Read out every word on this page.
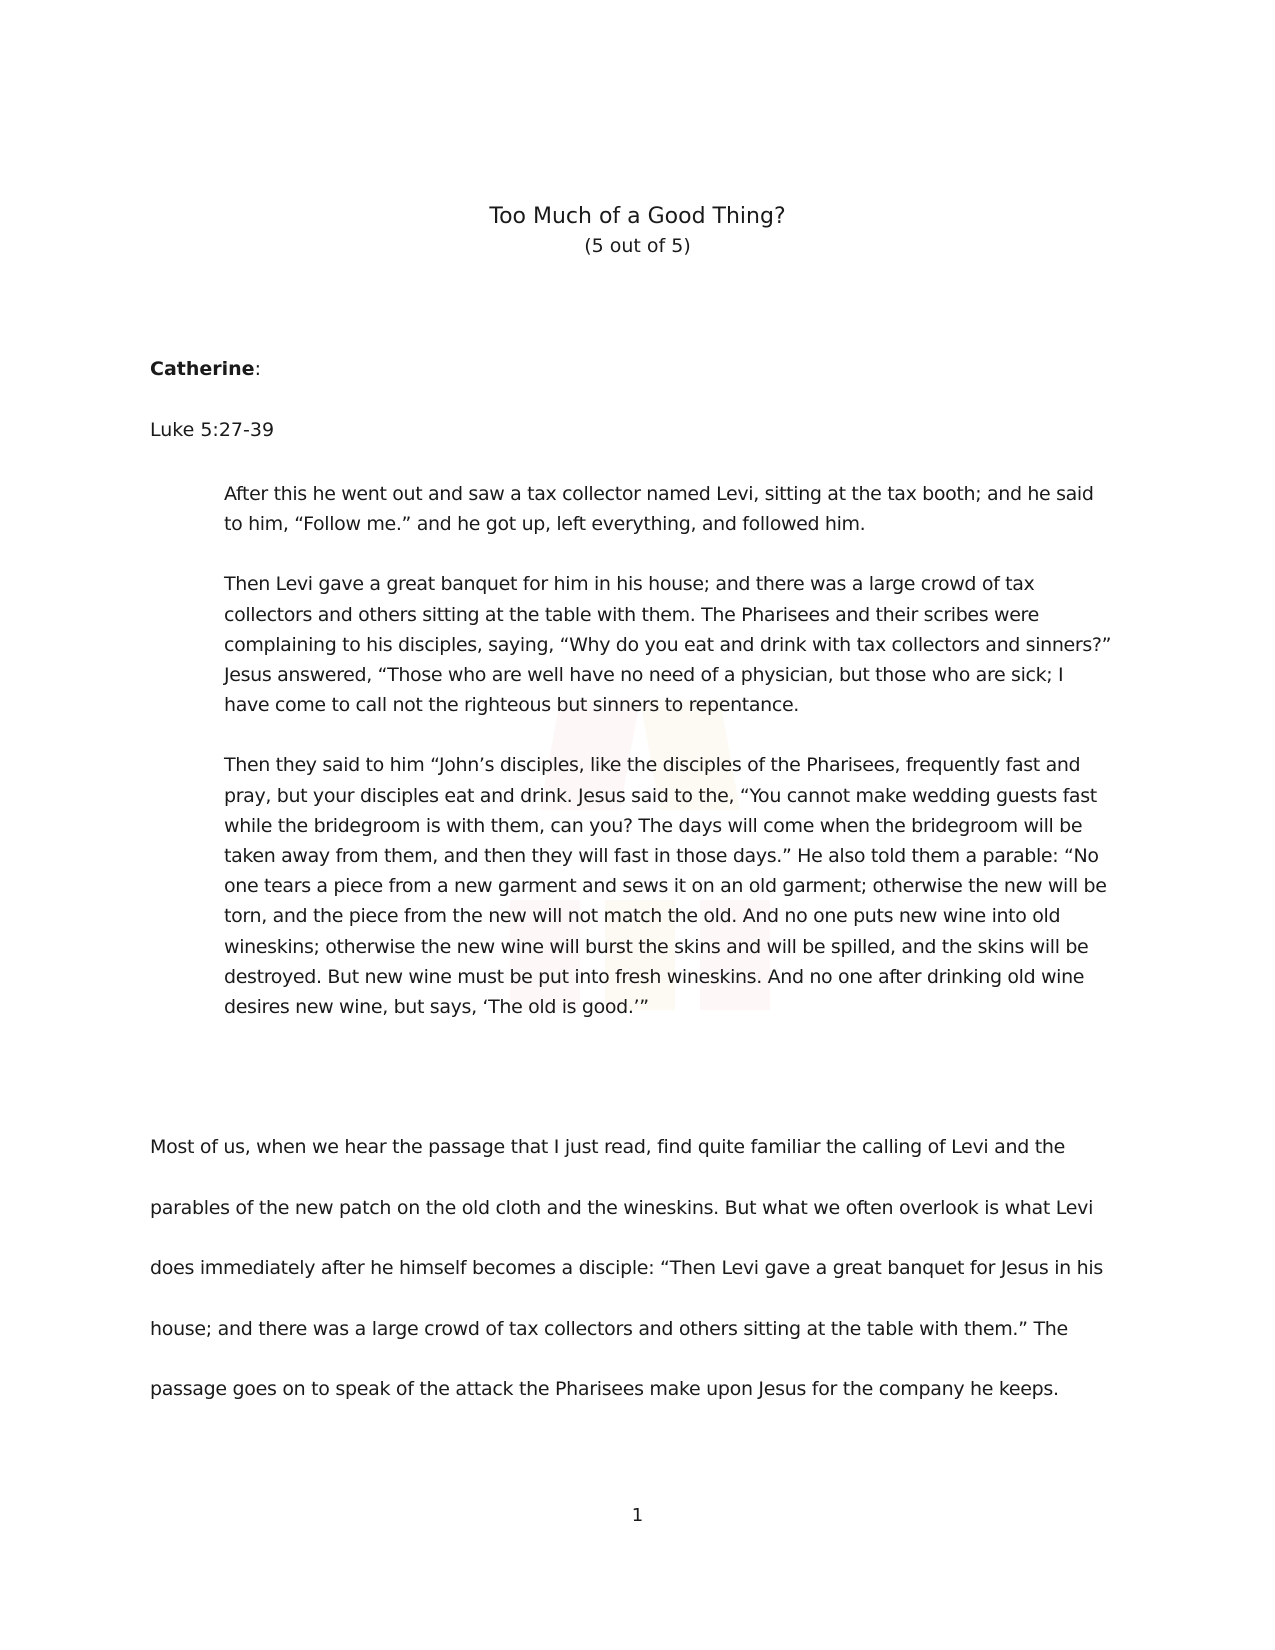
Too Much of a Good Thing?
(5 out of 5)
Catherine:
Luke 5:27-39

After this he went out and saw a tax collector named Levi, sitting at the tax booth; and he said to him, “Follow me.” and he got up, left everything, and followed him.

Then Levi gave a great banquet for him in his house; and there was a large crowd of tax collectors and others sitting at the table with them. The Pharisees and their scribes were complaining to his disciples, saying, “Why do you eat and drink with tax collectors and sinners?” Jesus answered, “Those who are well have no need of a physician, but those who are sick; I have come to call not the righteous but sinners to repentance.

Then they said to him “John’s disciples, like the disciples of the Pharisees, frequently fast and pray, but your disciples eat and drink. Jesus said to the, “You cannot make wedding guests fast while the bridegroom is with them, can you? The days will come when the bridegroom will be taken away from them, and then they will fast in those days.” He also told them a parable: “No one tears a piece from a new garment and sews it on an old garment; otherwise the new will be torn, and the piece from the new will not match the old. And no one puts new wine into old wineskins; otherwise the new wine will burst the skins and will be spilled, and the skins will be destroyed. But new wine must be put into fresh wineskins. And no one after drinking old wine desires new wine, but says, ‘The old is good.’”

Most of us, when we hear the passage that I just read, find quite familiar the calling of Levi and the parables of the new patch on the old cloth and the wineskins. But what we often overlook is what Levi does immediately after he himself becomes a disciple: “Then Levi gave a great banquet for Jesus in his house; and there was a large crowd of tax collectors and others sitting at the table with them.” The passage goes on to speak of the attack the Pharisees make upon Jesus for the company he keeps.

1
